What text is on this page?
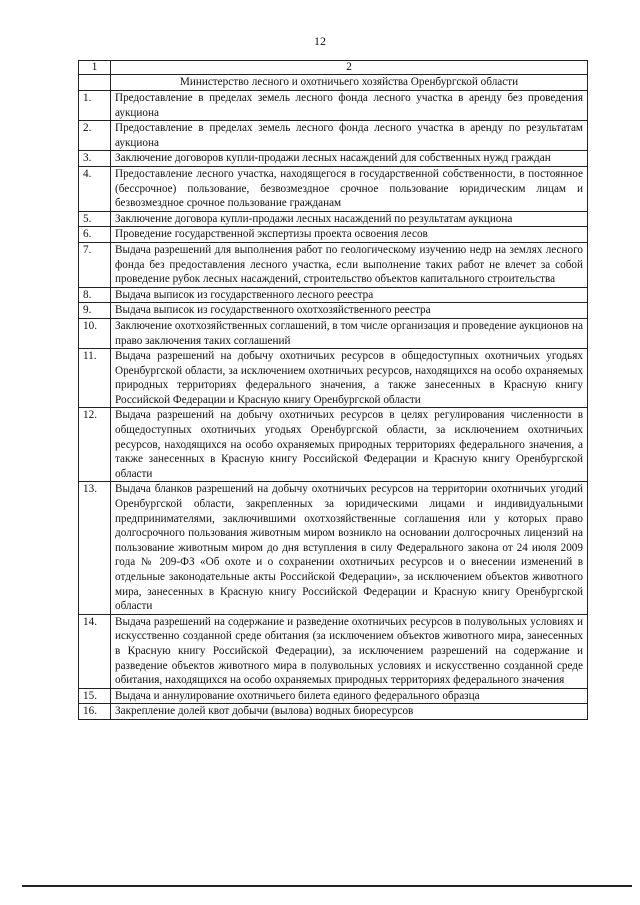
12
1	2
	Министерство лесного и охотничьего хозяйства Оренбургской области
1.	Предоставление в пределах земель лесного фонда лесного участка в аренду без проведения аукциона
2.	Предоставление в пределах земель лесного фонда лесного участка в аренду по результатам аукциона
3.	Заключение договоров купли-продажи лесных насаждений для собственных нужд граждан
4.	Предоставление лесного участка, находящегося в государственной собственности, в постоянное (бессрочное) пользование, безвозмездное срочное пользование юридическим лицам и безвозмездное срочное пользование гражданам
5.	Заключение договора купли-продажи лесных насаждений по результатам аукциона
6.	Проведение государственной экспертизы проекта освоения лесов
7.	Выдача разрешений для выполнения работ по геологическому изучению недр на землях лесного фонда без предоставления лесного участка, если выполнение таких работ не влечет за собой проведение рубок лесных насаждений, строительство объектов капитального строительства
8.	Выдача выписок из государственного лесного реестра
9.	Выдача выписок из государственного охотхозяйственного реестра
10.	Заключение охотхозяйственных соглашений, в том числе организация и проведение аукционов на право заключения таких соглашений
11.	Выдача разрешений на добычу охотничьих ресурсов в общедоступных охотничьих угодьях Оренбургской области, за исключением охотничьих ресурсов, находящихся на особо охраняемых природных территориях федерального значения, а также занесенных в Красную книгу Российской Федерации и Красную книгу Оренбургской области
12.	Выдача разрешений на добычу охотничьих ресурсов в целях регулирования численности в общедоступных охотничьих угодьях Оренбургской области, за исключением охотничьих ресурсов, находящихся на особо охраняемых природных территориях федерального значения, а также занесенных в Красную книгу Российской Федерации и Красную книгу Оренбургской области
13.	Выдача бланков разрешений на добычу охотничьих ресурсов на территории охотничьих угодий Оренбургской области, закрепленных за юридическими лицами и индивидуальными предпринимателями, заключившими охотхозяйственные соглашения или у которых право долгосрочного пользования животным миром возникло на основании долгосрочных лицензий на пользование животным миром до дня вступления в силу Федерального закона от 24 июля 2009 года № 209-ФЗ «Об охоте и о сохранении охотничьих ресурсов и о внесении изменений в отдельные законодательные акты Российской Федерации», за исключением объектов животного мира, занесенных в Красную книгу Российской Федерации и Красную книгу Оренбургской области
14.	Выдача разрешений на содержание и разведение охотничьих ресурсов в полувольных условиях и искусственно созданной среде обитания (за исключением объектов животного мира, занесенных в Красную книгу Российской Федерации), за исключением разрешений на содержание и разведение объектов животного мира в полувольных условиях и искусственно созданной среде обитания, находящихся на особо охраняемых природных территориях федерального значения
15.	Выдача и аннулирование охотничьего билета единого федерального образца
16.	Закрепление долей квот добычи (вылова) водных биоресурсов
